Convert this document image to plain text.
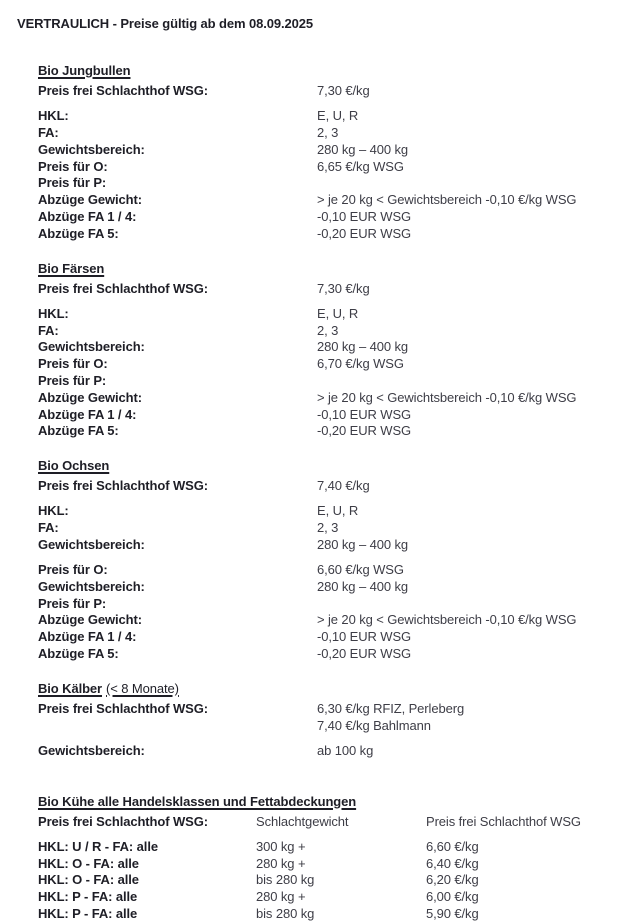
VERTRAULICH - Preise gültig ab dem 08.09.2025
Bio Jungbullen
Preis frei Schlachthof WSG:	7,30 €/kg
HKL:	E, U, R
FA:	2, 3
Gewichtsbereich:	280 kg – 400 kg
Preis für O:	6,65 €/kg WSG
Preis für P:
Abzüge Gewicht:	> je 20 kg < Gewichtsbereich -0,10 €/kg WSG
Abzüge FA 1 / 4:	-0,10 EUR WSG
Abzüge FA 5:	-0,20 EUR WSG
Bio Färsen
Preis frei Schlachthof WSG:	7,30 €/kg
HKL:	E, U, R
FA:	2, 3
Gewichtsbereich:	280 kg – 400 kg
Preis für O:	6,70 €/kg WSG
Preis für P:
Abzüge Gewicht:	> je 20 kg < Gewichtsbereich -0,10 €/kg WSG
Abzüge FA 1 / 4:	-0,10 EUR WSG
Abzüge FA 5:	-0,20 EUR WSG
Bio Ochsen
Preis frei Schlachthof WSG:	7,40 €/kg
HKL:	E, U, R
FA:	2, 3
Gewichtsbereich:	280 kg – 400 kg
Preis für O:	6,60 €/kg WSG
Gewichtsbereich:	280 kg – 400 kg
Preis für P:
Abzüge Gewicht:	> je 20 kg < Gewichtsbereich -0,10 €/kg WSG
Abzüge FA 1 / 4:	-0,10 EUR WSG
Abzüge FA 5:	-0,20 EUR WSG
Bio Kälber (< 8 Monate)
Preis frei Schlachthof WSG:	6,30 €/kg RFIZ, Perleberg
7,40 €/kg Bahlmann
Gewichtsbereich:	ab 100 kg
Bio Kühe alle Handelsklassen und Fettabdeckungen
Preis frei Schlachthof WSG:	Schlachtgewicht	Preis frei Schlachthof WSG
HKL: U / R - FA: alle	300 kg +	6,60 €/kg
HKL: O - FA: alle	280 kg +	6,40 €/kg
HKL: O - FA: alle	bis 280 kg	6,20 €/kg
HKL: P - FA: alle	280 kg +	6,00 €/kg
HKL: P - FA: alle	bis 280 kg	5,90 €/kg
